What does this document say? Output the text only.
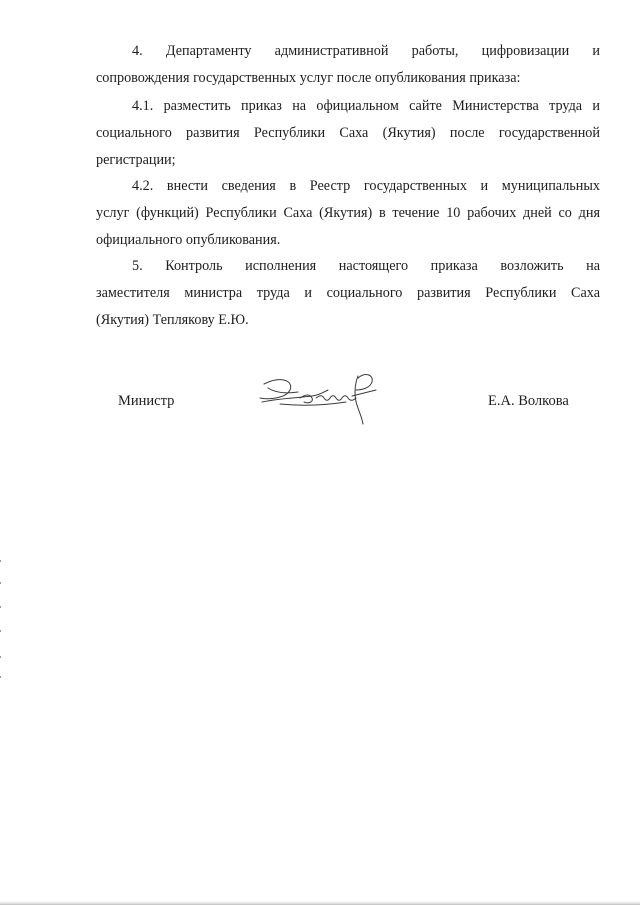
4. Департаменту административной работы, цифровизации и
сопровождения государственных услуг после опубликования приказа:
4.1. разместить приказ на официальном сайте Министерства труда и
социального развития Республики Саха (Якутия) после государственной
регистрации;
4.2. внести сведения в Реестр государственных и муниципальных
услуг (функций) Республики Саха (Якутия) в течение 10 рабочих дней со дня
официального опубликования.
5. Контроль исполнения настоящего приказа возложить на
заместителя министра труда и социального развития Республики Саха
(Якутия) Теплякову Е.Ю.
Министр	Е.А. Волкова
